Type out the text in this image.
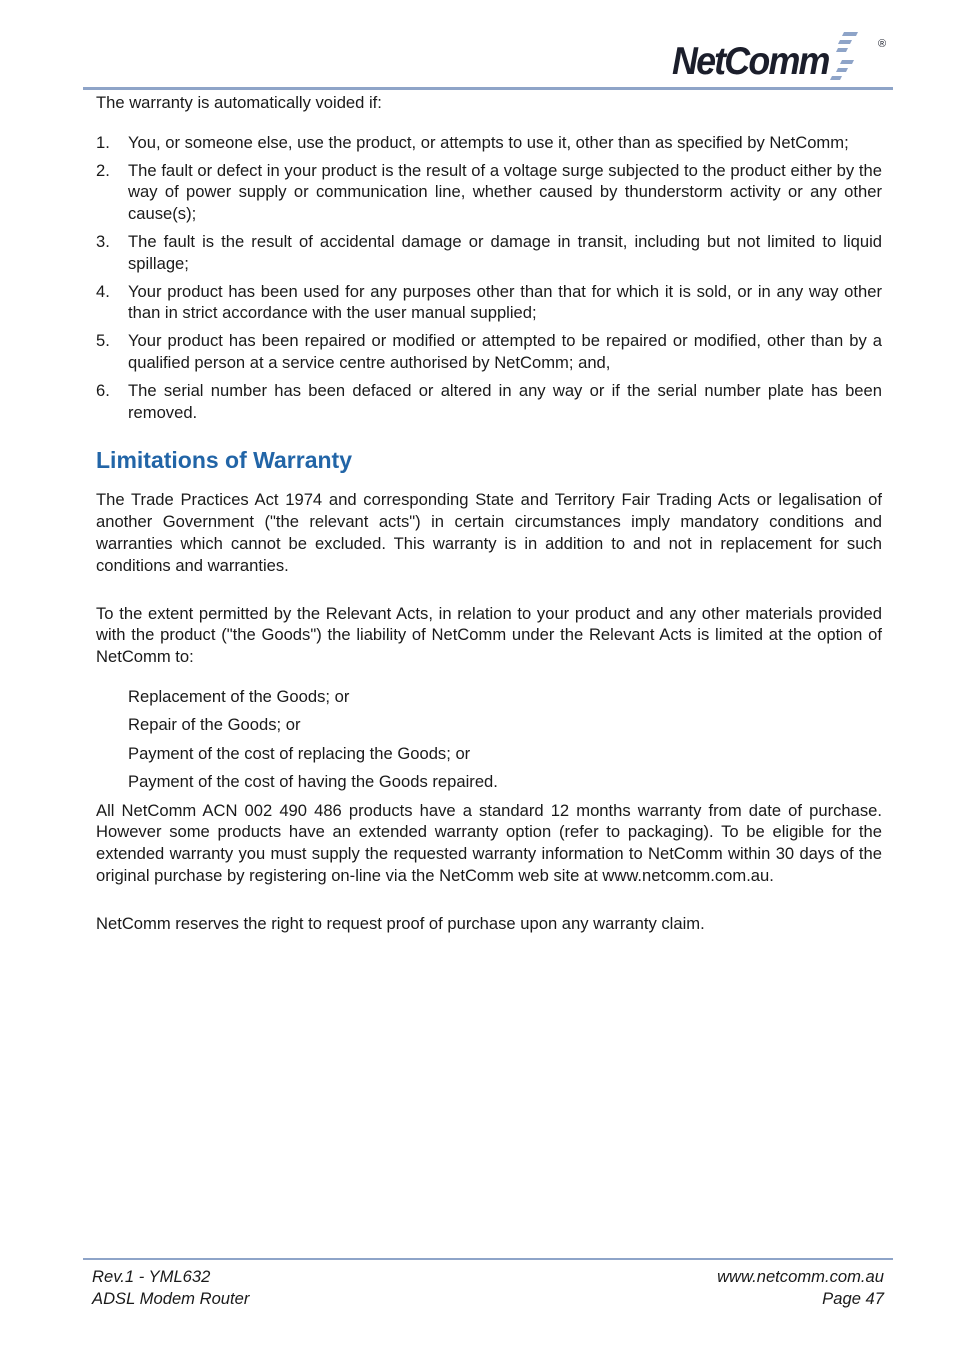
NetComm	®

The warranty is automatically voided if:

1. You, or someone else, use the product, or attempts to use it, other than as specified by NetComm;
2. The fault or defect in your product is the result of a voltage surge subjected to the product either by the way of power supply or communication line, whether caused by thunderstorm activity or any other cause(s);
3. The fault is the result of accidental damage or damage in transit, including but not limited to liquid spillage;
4. Your product has been used for any purposes other than that for which it is sold, or in any way other than in strict accordance with the user manual supplied;
5. Your product has been repaired or modified or attempted to be repaired or modified, other than by a qualified person at a service centre authorised by NetComm; and,
6. The serial number has been defaced or altered in any way or if the serial number plate has been removed.
Limitations of Warranty

The Trade Practices Act 1974 and corresponding State and Territory Fair Trading Acts or legalisation of another Government ("the relevant acts") in certain circumstances imply mandatory conditions and warranties which cannot be excluded. This warranty is in addition to and not in replacement for such conditions and warranties.

To the extent permitted by the Relevant Acts, in relation to your product and any other materials provided with the product ("the Goods") the liability of NetComm under the Relevant Acts is limited at the option of NetComm to:

Replacement of the Goods; or
Repair of the Goods; or
Payment of the cost of replacing the Goods; or
Payment of the cost of having the Goods repaired.

All NetComm ACN 002 490 486 products have a standard 12 months warranty from date of purchase. However some products have an extended warranty option (refer to packaging). To be eligible for the extended warranty you must supply the requested warranty information to NetComm within 30 days of the original purchase by registering on-line via the NetComm web site at www.netcomm.com.au.

NetComm reserves the right to request proof of purchase upon any warranty claim.

Rev.1 - YML632
ADSL Modem Router
www.netcomm.com.au
Page 47
